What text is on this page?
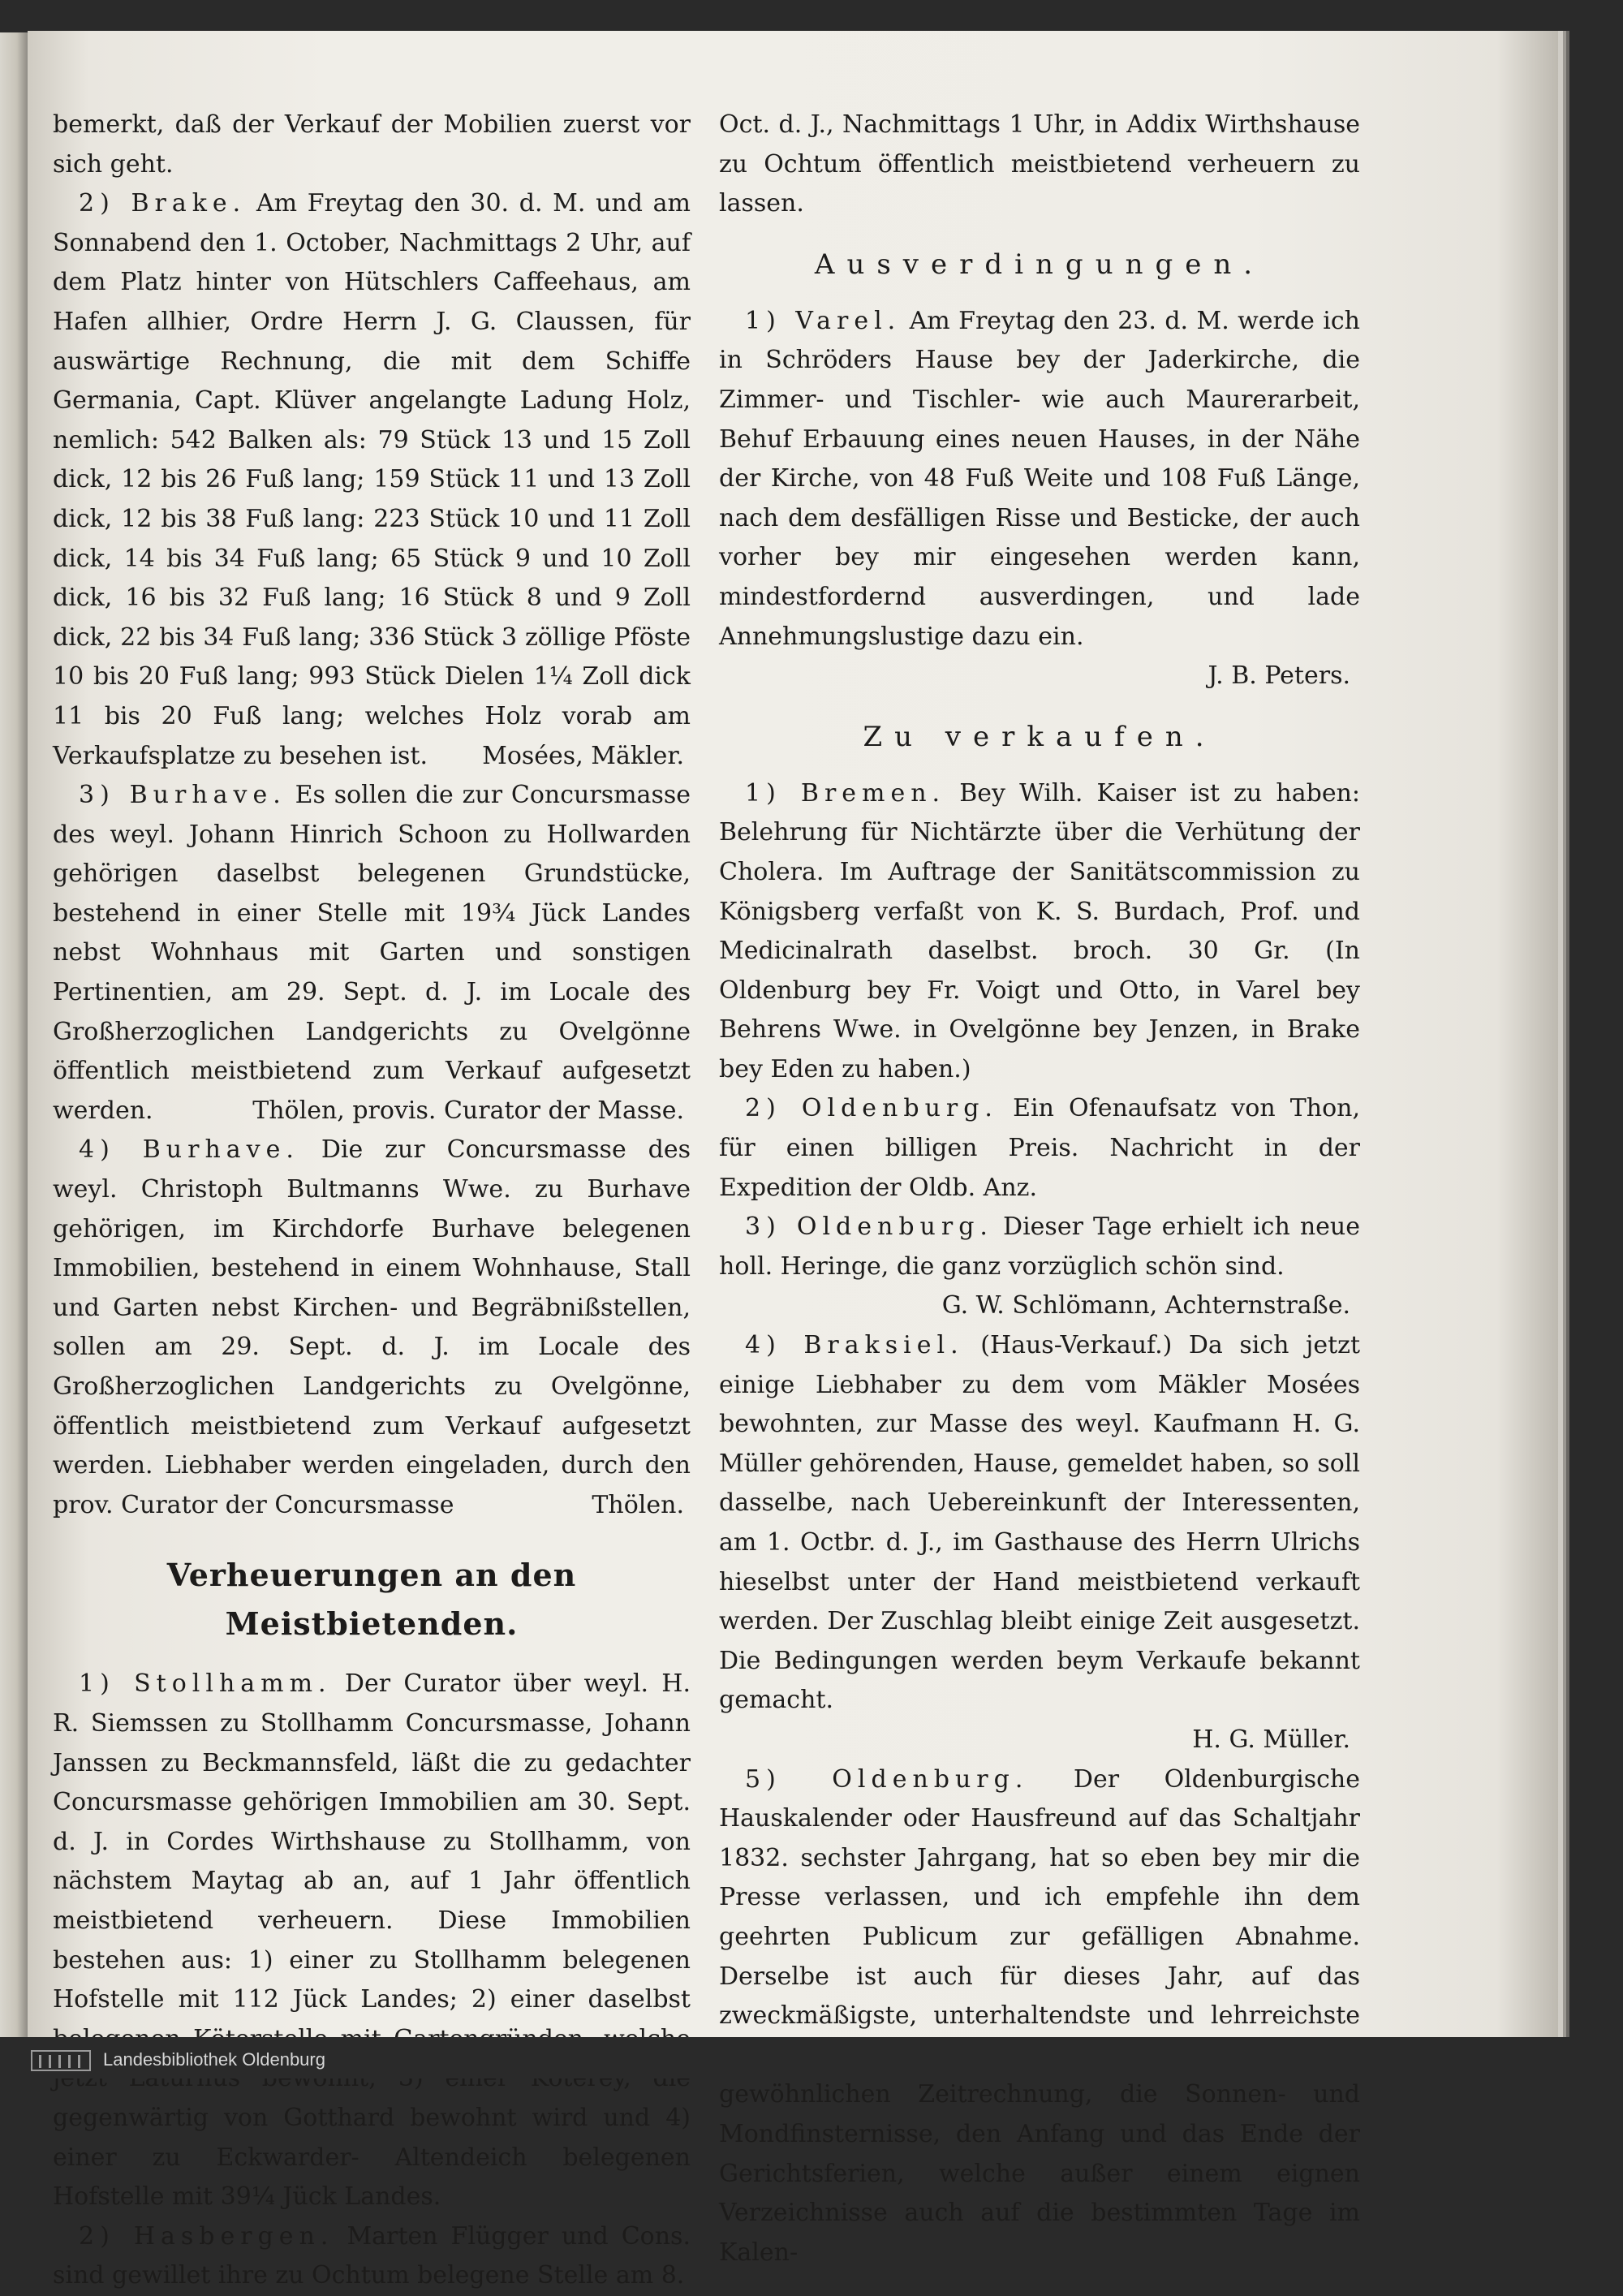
bemerkt, daß der Verkauf der Mobilien zuerst vor sich geht.

2) Brake. Am Freytag den 30. d. M. und am Sonnabend den 1. October, Nachmittags 2 Uhr, auf dem Platz hinter von Hütschlers Caffeehaus, am Hafen allhier, Ordre Herrn J. G. Claussen, für auswärtige Rechnung, die mit dem Schiffe Germania, Capt. Klüver angelangte Ladung Holz, nemlich: 542 Balken als: 79 Stück 13 und 15 Zoll dick, 12 bis 26 Fuß lang; 159 Stück 11 und 13 Zoll dick, 12 bis 38 Fuß lang: 223 Stück 10 und 11 Zoll dick, 14 bis 34 Fuß lang; 65 Stück 9 und 10 Zoll dick, 16 bis 32 Fuß lang; 16 Stück 8 und 9 Zoll dick, 22 bis 34 Fuß lang; 336 Stück 3 zöllige Pföste 10 bis 20 Fuß lang; 993 Stück Dielen 1¼ Zoll dick 11 bis 20 Fuß lang; welches Holz vorab am Verkaufsplatze zu besehen ist.	Mosées, Mäkler.

3) Burhave. Es sollen die zur Concursmasse des weyl. Johann Hinrich Schoon zu Hollwarden gehörigen daselbst belegenen Grundstücke, bestehend in einer Stelle mit 19¾ Jück Landes nebst Wohnhaus mit Garten und sonstigen Pertinentien, am 29. Sept. d. J. im Locale des Großherzoglichen Landgerichts zu Ovelgönne öffentlich meistbietend zum Verkauf aufgesetzt werden.	Thölen, provis. Curator der Masse.

4) Burhave. Die zur Concursmasse des weyl. Christoph Bultmanns Wwe. zu Burhave gehörigen, im Kirchdorfe Burhave belegenen Immobilien, bestehend in einem Wohnhause, Stall und Garten nebst Kirchen- und Begräbnißstellen, sollen am 29. Sept. d. J. im Locale des Großherzoglichen Landgerichts zu Ovelgönne, öffentlich meistbietend zum Verkauf aufgesetzt werden. Liebhaber werden eingeladen, durch den prov. Curator der Concursmasse	Thölen.

Verheuerungen an den Meistbietenden.

1) Stollhamm. Der Curator über weyl. H. R. Siemssen zu Stollhamm Concursmasse, Johann Janssen zu Beckmannsfeld, läßt die zu gedachter Concursmasse gehörigen Immobilien am 30. Sept. d. J. in Cordes Wirthshause zu Stollhamm, von nächstem Maytag ab an, auf 1 Jahr öffentlich meistbietend verheuern. Diese Immobilien bestehen aus: 1) einer zu Stollhamm belegenen Hofstelle mit 112 Jück Landes; 2) einer daselbst gegenwärtig von Gotthard bewohnt wird und 4) einer zu Eckwarder- Altendeich belegenen Hofstelle mit 39¼ Jück Landes.

2) Hasbergen. Marten Flügger und Cons. sind gewillet ihre zu Ochtum belegene Stelle am 8.

Oct. d. J., Nachmittags 1 Uhr, in Addix Wirthshause zu Ochtum öffentlich meistbietend verheuern zu lassen.

Ausverdingungen.

1) Varel. Am Freytag den 23. d. M. werde ich in Schröders Hause bey der Jaderkirche, die Zimmer- und Tischler- wie auch Maurerarbeit, Behuf Erbauung eines neuen Hauses, in der Nähe der Kirche, von 48 Fuß Weite und 108 Fuß Länge, nach dem desfälligen Risse und Besticke, der auch vorher bey mir eingesehen werden kann, mindestfordernd ausverdingen, und lade Annehmungslustige dazu ein.

J. B. Peters.
Zu verkaufen.

1) Bremen. Bey Wilh. Kaiser ist zu haben: Belehrung für Nichtärzte über die Verhütung der Cholera. Im Auftrage der Sanitätscommission zu Königsberg verfaßt von K. S. Burdach, Prof. und Medicinalrath daselbst. broch. 30 Gr. (In Oldenburg bey Fr. Voigt und Otto, in Varel bey Behrens Wwe. in Ovelgönne bey Jenzen, in Brake bey Eden zu haben.)

2) Oldenburg. Ein Ofenaufsatz von Thon, für einen billigen Preis. Nachricht in der Expedition der Oldb. Anz.

3) Oldenburg. Dieser Tage erhielt ich neue holl. Heringe, die ganz vorzüglich schön sind.

G. W. Schlömann, Achternstraße.

4) Braksiel. (Haus-Verkauf.) Da sich jetzt einige Liebhaber zu dem vom Mäkler Mosées bewohnten, zur Masse des weyl. Kaufmann H. G. Müller gehörenden, Hause, gemeldet haben, so soll dasselbe, nach Uebereinkunft der Interessenten, am 1. Octbr. d. J., im Gasthause des Herrn Ulrichs hieselbst unter der Hand meistbietend verkauft werden. Der Zuschlag bleibt einige Zeit ausgesetzt. Die Bedingungen werden beym Verkaufe bekannt gemacht.

H. G. Müller.

5) Oldenburg. Der Oldenburgische Hauskalender oder Hausfreund auf das Schaltjahr 1832. sechster Jahrgang, hat so eben bey mir die Presse verlassen, und ich empfehle ihn dem geehrten Publicum zur gefälligen Abnahme. Derselbe ist auch für dieses Jahr, auf das zweckmäßigste, unterhaltendste und lehrreichste gewöhnlichen Zeitrechnung, die Sonnen- und Mondfinsternisse, den Anfang und das Ende der Gerichtsferien, welche außer einem eignen Verzeichnisse auch auf die bestimmten Tage im Kalen-

Landesbibliothek Oldenburg
